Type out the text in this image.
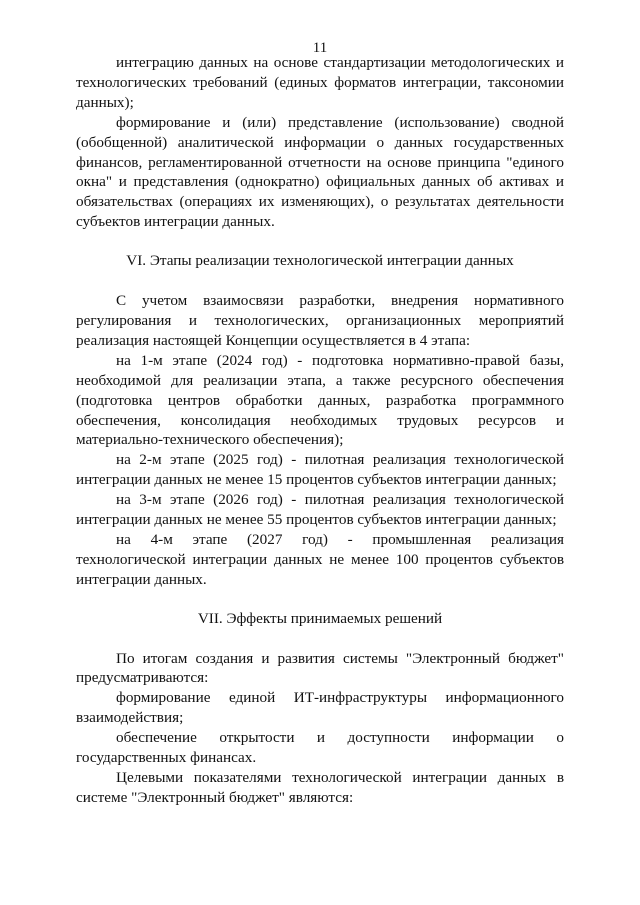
11

интеграцию данных на основе стандартизации методологических и технологических требований (единых форматов интеграции, таксономии данных);

формирование и (или) представление (использование) сводной (обобщенной) аналитической информации о данных государственных финансов, регламентированной отчетности на основе принципа "единого окна" и представления (однократно) официальных данных об активах и обязательствах (операциях их изменяющих), о результатах деятельности субъектов интеграции данных.

VI. Этапы реализации технологической интеграции данных

С учетом взаимосвязи разработки, внедрения нормативного регулирования и технологических, организационных мероприятий реализация настоящей Концепции осуществляется в 4 этапа:

на 1-м этапе (2024 год) - подготовка нормативно-правой базы, необходимой для реализации этапа, а также ресурсного обеспечения (подготовка центров обработки данных, разработка программного обеспечения, консолидация необходимых трудовых ресурсов и материально-технического обеспечения);

на 2-м этапе (2025 год) - пилотная реализация технологической интеграции данных не менее 15 процентов субъектов интеграции данных;

на 3-м этапе (2026 год) - пилотная реализация технологической интеграции данных не менее 55 процентов субъектов интеграции данных;

на 4-м этапе (2027 год) - промышленная реализация технологической интеграции данных не менее 100 процентов субъектов интеграции данных.

VII. Эффекты принимаемых решений

По итогам создания и развития системы "Электронный бюджет" предусматриваются:

формирование единой ИТ-инфраструктуры информационного взаимодействия;

обеспечение открытости и доступности информации о государственных финансах.

Целевыми показателями технологической интеграции данных в системе "Электронный бюджет" являются:
